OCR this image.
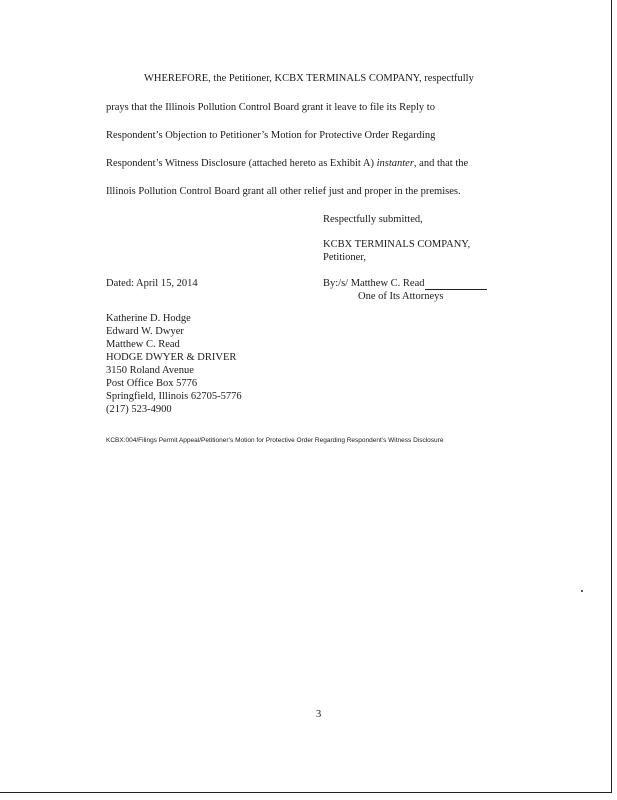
WHEREFORE, the Petitioner, KCBX TERMINALS COMPANY, respectfully
prays that the Illinois Pollution Control Board grant it leave to file its Reply to
Respondent’s Objection to Petitioner’s Motion for Protective Order Regarding
Respondent’s Witness Disclosure (attached hereto as Exhibit A) instanter, and that the
Illinois Pollution Control Board grant all other relief just and proper in the premises.
Respectfully submitted,
KCBX TERMINALS COMPANY,
Petitioner,
Dated: April 15, 2014	By:/s/ Matthew C. Read
One of Its Attorneys
Katherine D. Hodge
Edward W. Dwyer
Matthew C. Read
HODGE DWYER & DRIVER
3150 Roland Avenue
Post Office Box 5776
Springfield, Illinois 62705-5776
(217) 523-4900
KCBX:004/Filings Permit Appeal/Petitioner’s Motion for Protective Order Regarding Respondent’s Witness Disclosure
3
